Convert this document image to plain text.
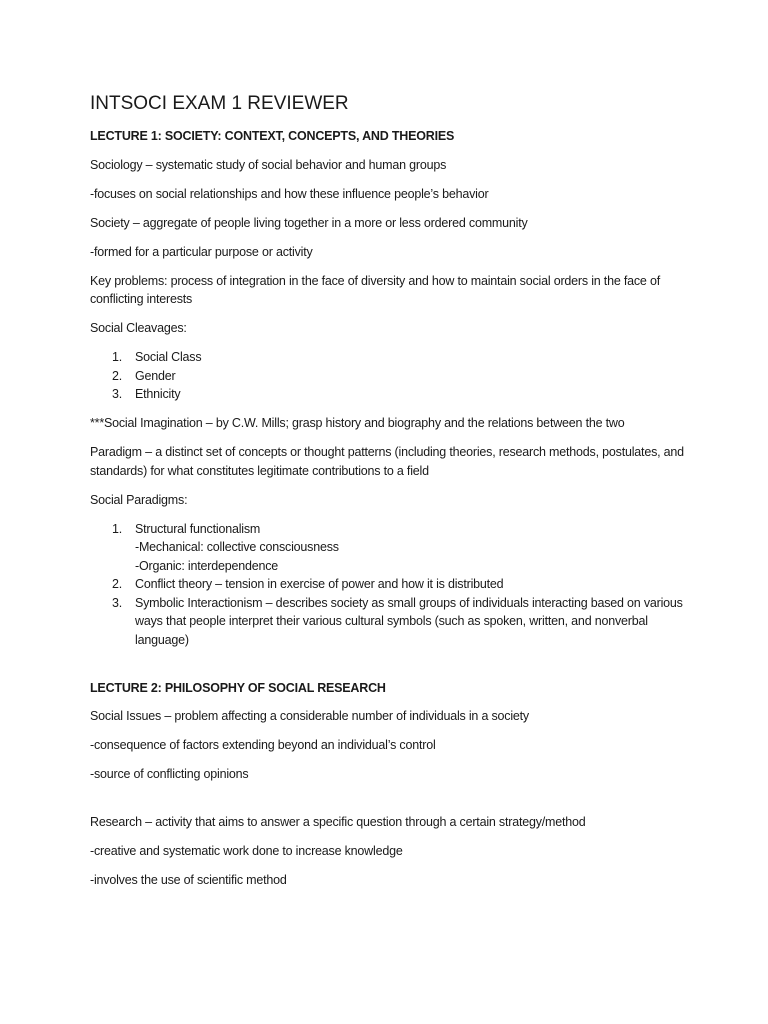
INTSOCI EXAM 1 REVIEWER
LECTURE 1: SOCIETY: CONTEXT, CONCEPTS, AND THEORIES

Sociology – systematic study of social behavior and human groups

-focuses on social relationships and how these influence people’s behavior

Society – aggregate of people living together in a more or less ordered community

-formed for a particular purpose or activity

Key problems: process of integration in the face of diversity and how to maintain social orders in the face of conflicting interests

Social Cleavages:

1. Social Class
2. Gender
3. Ethnicity

***Social Imagination – by C.W. Mills; grasp history and biography and the relations between the two

Paradigm – a distinct set of concepts or thought patterns (including theories, research methods, postulates, and standards) for what constitutes legitimate contributions to a field

Social Paradigms:

1. Structural functionalism
-Mechanical: collective consciousness
-Organic: interdependence
2. Conflict theory – tension in exercise of power and how it is distributed
3. Symbolic Interactionism – describes society as small groups of individuals interacting based on various ways that people interpret their various cultural symbols (such as spoken, written, and nonverbal language)
LECTURE 2: PHILOSOPHY OF SOCIAL RESEARCH

Social Issues – problem affecting a considerable number of individuals in a society

-consequence of factors extending beyond an individual’s control

-source of conflicting opinions

Research – activity that aims to answer a specific question through a certain strategy/method

-creative and systematic work done to increase knowledge

-involves the use of scientific method
